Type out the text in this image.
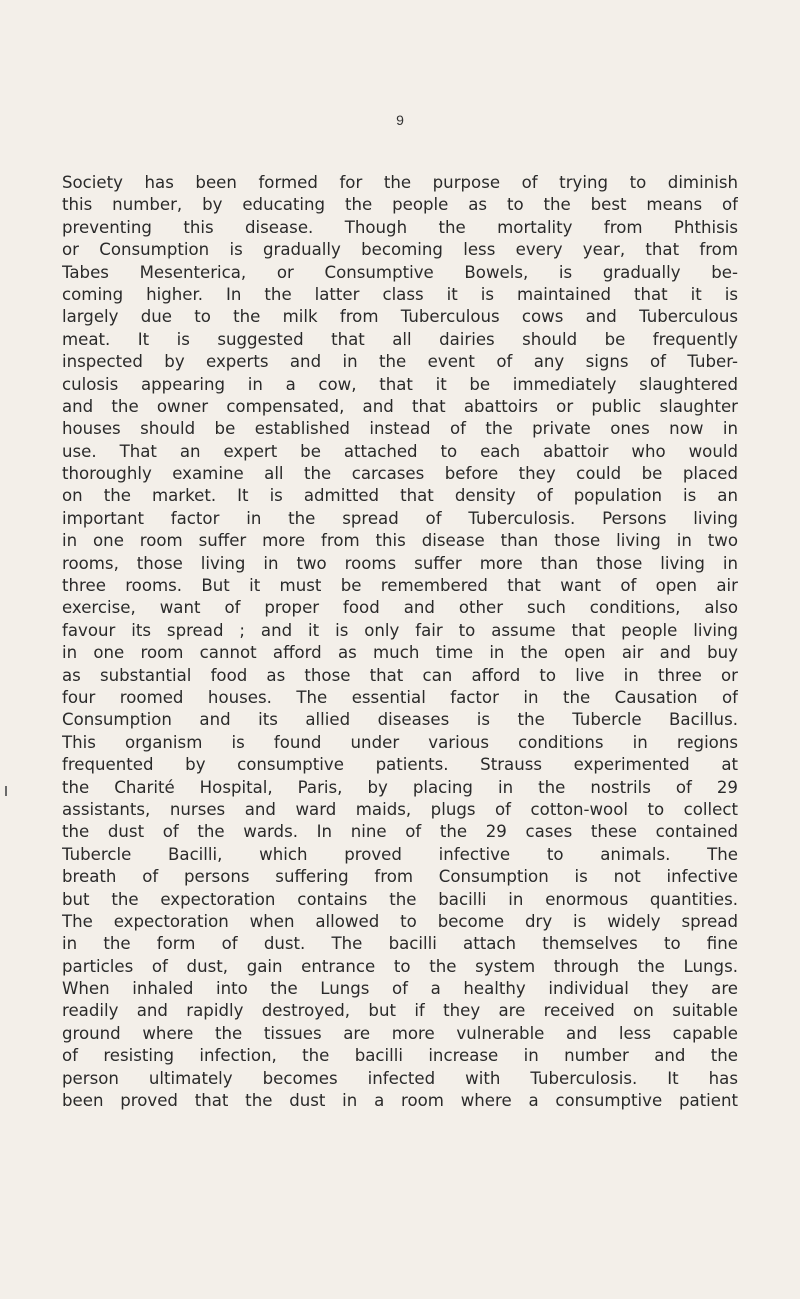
9
Society has been formed for the purpose of trying to diminish
this number, by educating the people as to the best means of
preventing this disease. Though the mortality from Phthisis
or Consumption is gradually becoming less every year, that from
Tabes Mesenterica, or Consumptive Bowels, is gradually be-
coming higher. In the latter class it is maintained that it is
largely due to the milk from Tuberculous cows and Tuberculous
meat. It is suggested that all dairies should be frequently
inspected by experts and in the event of any signs of Tuber-
culosis appearing in a cow, that it be immediately slaughtered
and the owner compensated, and that abattoirs or public slaughter
houses should be established instead of the private ones now in
use. That an expert be attached to each abattoir who would
thoroughly examine all the carcases before they could be placed
on the market. It is admitted that density of population is an
important factor in the spread of Tuberculosis. Persons living
in one room suffer more from this disease than those living in two
rooms, those living in two rooms suffer more than those living in
three rooms. But it must be remembered that want of open air
exercise, want of proper food and other such conditions, also
favour its spread ; and it is only fair to assume that people living
in one room cannot afford as much time in the open air and buy
as substantial food as those that can afford to live in three or
four roomed houses. The essential factor in the Causation of
Consumption and its allied diseases is the Tubercle Bacillus.
This organism is found under various conditions in regions
frequented by consumptive patients. Strauss experimented at
the Charité Hospital, Paris, by placing in the nostrils of 29
assistants, nurses and ward maids, plugs of cotton-wool to collect
the dust of the wards. In nine of the 29 cases these contained
Tubercle Bacilli, which proved infective to animals. The
breath of persons suffering from Consumption is not infective
but the expectoration contains the bacilli in enormous quantities.
The expectoration when allowed to become dry is widely spread
in the form of dust. The bacilli attach themselves to fine
particles of dust, gain entrance to the system through the Lungs.
When inhaled into the Lungs of a healthy individual they are
readily and rapidly destroyed, but if they are received on suitable
ground where the tissues are more vulnerable and less capable
of resisting infection, the bacilli increase in number and the
person ultimately becomes infected with Tuberculosis. It has
been proved that the dust in a room where a consumptive patient
